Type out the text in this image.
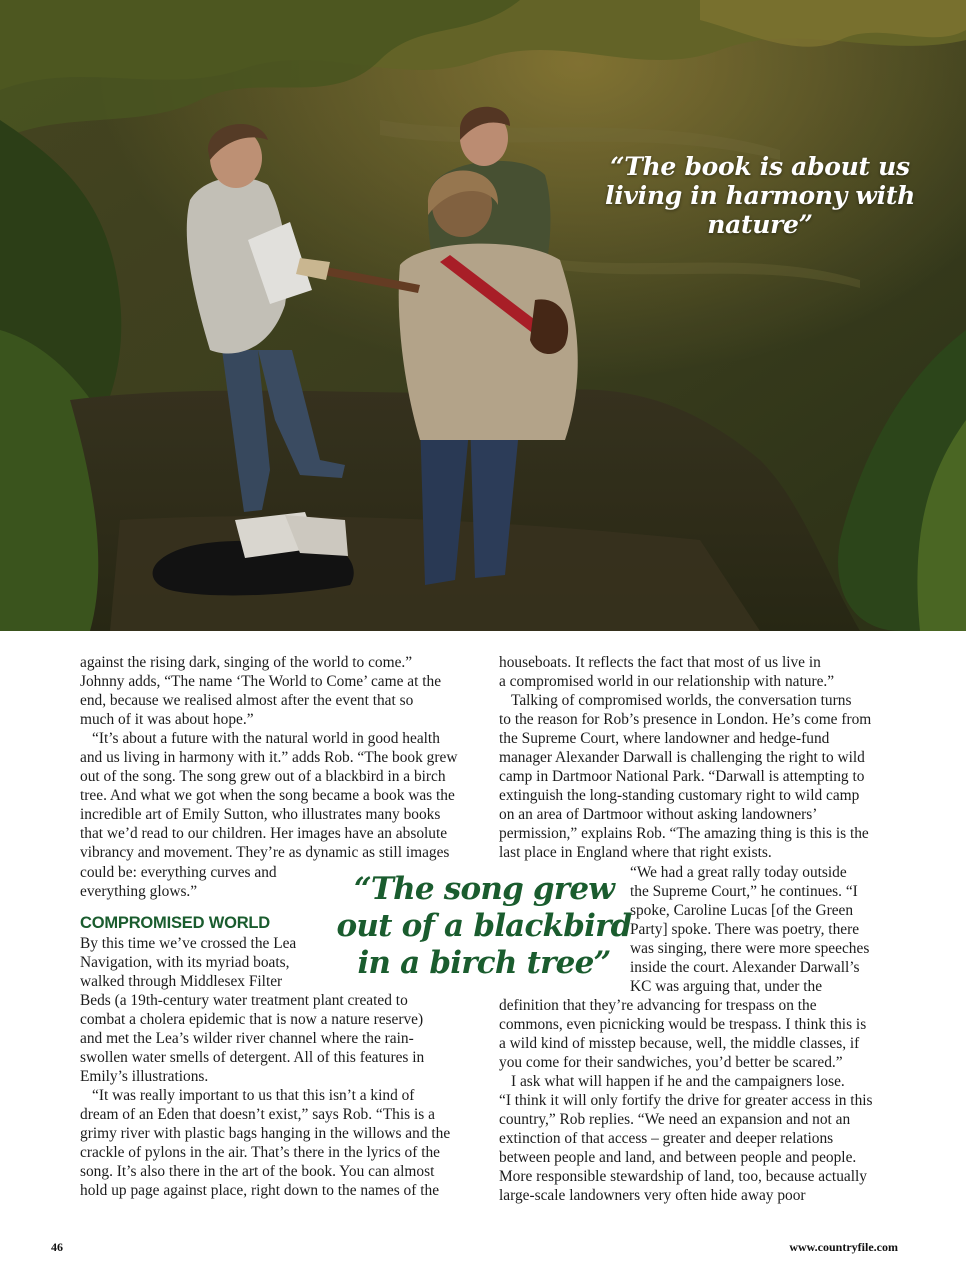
“The book is about us living in harmony with nature”

against the rising dark, singing of the world to come.”
Johnny adds, “The name ‘The World to Come’ came at the
end, because we realised almost after the event that so
much of it was about hope.”

“It’s about a future with the natural world in good health
and us living in harmony with it.” adds Rob. “The book grew
out of the song. The song grew out of a blackbird in a birch
tree. And what we got when the song became a book was the
incredible art of Emily Sutton, who illustrates many books
that we’d read to our children. Her images have an absolute
vibrancy and movement. They’re as dynamic as still images
could be: everything curves and
everything glows.”

COMPROMISED WORLD

By this time we’ve crossed the Lea
Navigation, with its myriad boats,
walked through Middlesex Filter

Beds (a 19th-century water treatment plant created to
combat a cholera epidemic that is now a nature reserve)
and met the Lea’s wilder river channel where the rain-
swollen water smells of detergent. All of this features in
Emily’s illustrations.

“It was really important to us that this isn’t a kind of
dream of an Eden that doesn’t exist,” says Rob. “This is a
grimy river with plastic bags hanging in the willows and the
crackle of pylons in the air. That’s there in the lyrics of the
song. It’s also there in the art of the book. You can almost
hold up page against place, right down to the names of the

houseboats. It reflects the fact that most of us live in
a compromised world in our relationship with nature.”

Talking of compromised worlds, the conversation turns
to the reason for Rob’s presence in London. He’s come from
the Supreme Court, where landowner and hedge-fund
manager Alexander Darwall is challenging the right to wild
camp in Dartmoor National Park. “Darwall is attempting to
extinguish the long-standing customary right to wild camp
on an area of Dartmoor without asking landowners’
permission,” explains Rob. “The amazing thing is this is the
last place in England where that right exists.

“We had a great rally today outside
the Supreme Court,” he continues. “I
spoke, Caroline Lucas [of the Green
Party] spoke. There was poetry, there
was singing, there were more speeches
inside the court. Alexander Darwall’s
KC was arguing that, under the

definition that they’re advancing for trespass on the
commons, even picnicking would be trespass. I think this is
a wild kind of misstep because, well, the middle classes, if
you come for their sandwiches, you’d better be scared.”

I ask what will happen if he and the campaigners lose.
“I think it will only fortify the drive for greater access in this
country,” Rob replies. “We need an expansion and not an
extinction of that access – greater and deeper relations
between people and land, and between people and people.
More responsible stewardship of land, too, because actually
large-scale landowners very often hide away poor

“The song grew out of a blackbird in a birch tree”
46	www.countryfile.com
